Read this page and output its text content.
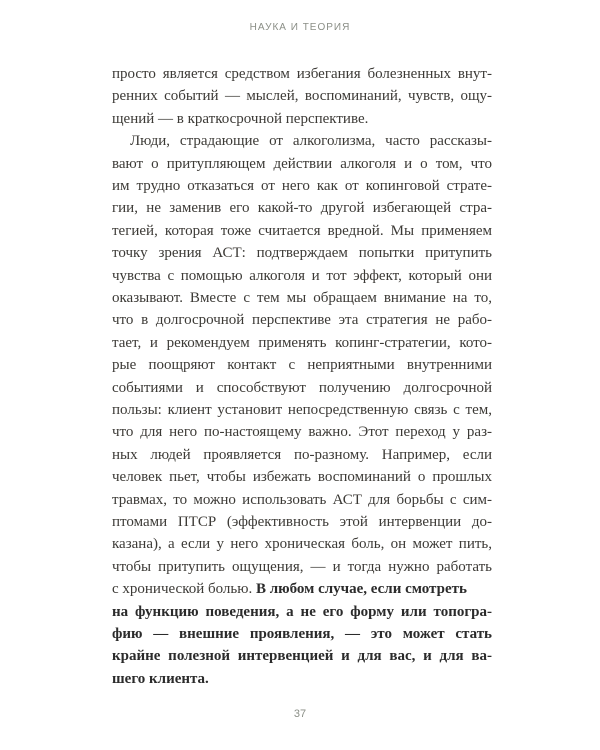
НАУКА И ТЕОРИЯ
просто является средством избегания болезненных внут-
ренних событий — мыслей, воспоминаний, чувств, ощу-
щений — в краткосрочной перспективе.
Люди, страдающие от алкоголизма, часто рассказы-
вают о притупляющем действии алкоголя и о том, что
им трудно отказаться от него как от копинговой страте-
гии, не заменив его какой-то другой избегающей стра-
тегией, которая тоже считается вредной. Мы применяем
точку зрения АСТ: подтверждаем попытки притупить
чувства с помощью алкоголя и тот эффект, который они
оказывают. Вместе с тем мы обращаем внимание на то,
что в долгосрочной перспективе эта стратегия не рабо-
тает, и рекомендуем применять копинг-стратегии, кото-
рые поощряют контакт с неприятными внутренними
событиями и способствуют получению долгосрочной
пользы: клиент установит непосредственную связь с тем,
что для него по-настоящему важно. Этот переход у раз-
ных людей проявляется по-разному. Например, если
человек пьет, чтобы избежать воспоминаний о прошлых
травмах, то можно использовать АСТ для борьбы с сим-
птомами ПТСР (эффективность этой интервенции до-
казана), а если у него хроническая боль, он может пить,
чтобы притупить ощущения, — и тогда нужно работать
с хронической болью. В любом случае, если смотреть
на функцию поведения, а не его форму или топогра-
фию — внешние проявления, — это может стать
крайне полезной интервенцией и для вас, и для ва-
шего клиента.
37
